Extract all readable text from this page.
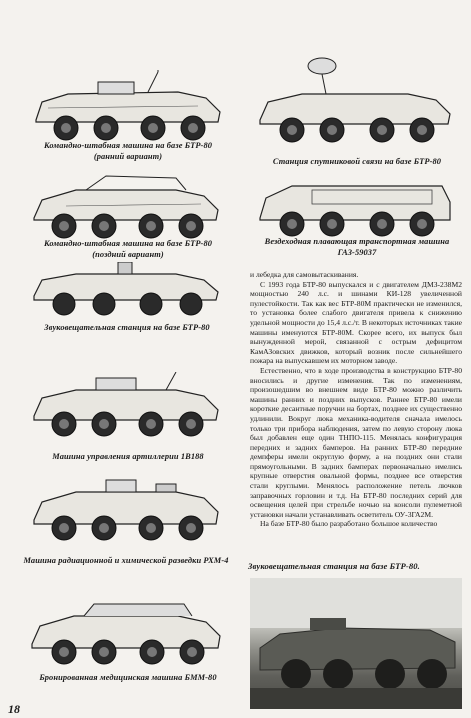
Командно-штабная машина на базе БТР-80
(ранний вариант)
Командно-штабная машина на базе БТР-80
(поздний вариант)
Звуковещательная станция на базе БТР-80
Машина управления артиллерии 1В188
Машина радиационной и химической разведки РХМ-4
Бронированная медицинская машина БММ-80
Станция спутниковой связи на базе БТР-80
Вездеходная плавающая транспортная машина
ГАЗ-59037

и лебедка для самовытаскивания.

С 1993 года БТР-80 выпускался и с двигателем ДМЗ-238М2 мощностью 240 л.с. и шинами КИ-128 увеличенной пулестойкости. Так как вес БТР-80М практически не изменился, то установка более слабого двигателя привела к снижению удельной мощности до 15,4 л.с./т. В некоторых источниках такие машины именуются БТР-80М. Скорее всего, их выпуск был вынужденной мерой, связанной с острым дефицитом КамАЗовских движков, который возник после сильнейшего пожара на выпускавшем их моторном заводе.

Естественно, что в ходе производства в конструкцию БТР-80 вносились и другие изменения. Так по изменениям, произошедшим во внешнем виде БТР-80 можно различить машины ранних и поздних выпусков. Раннее БТР-80 имели короткие десантные поручни на бортах, позднее их существенно удлинили. Вокруг люка механика-водителя сначала имелось только три прибора наблюдения, затем по левую сторону люка был добавлен еще один ТНПО-115. Менялась конфигурация передних и задних бамперов. На ранних БТР-80 передние демпферы имели округлую форму, а на поздних они стали прямоугольными. В задних бамперах первоначально имелись крупные отверстия овальной формы, позднее все отверстия стали круглыми. Менялось расположение петель лючков заправочных горловин и т.д. На БТР-80 последних серий для освещения целей при стрельбе ночью на консоли пулеметной установки начали устанавливать осветитель ОУ-3ГА2М.

На базе БТР-80 было разработано большое количество

Звуковещательная станция на базе БТР-80.
18
